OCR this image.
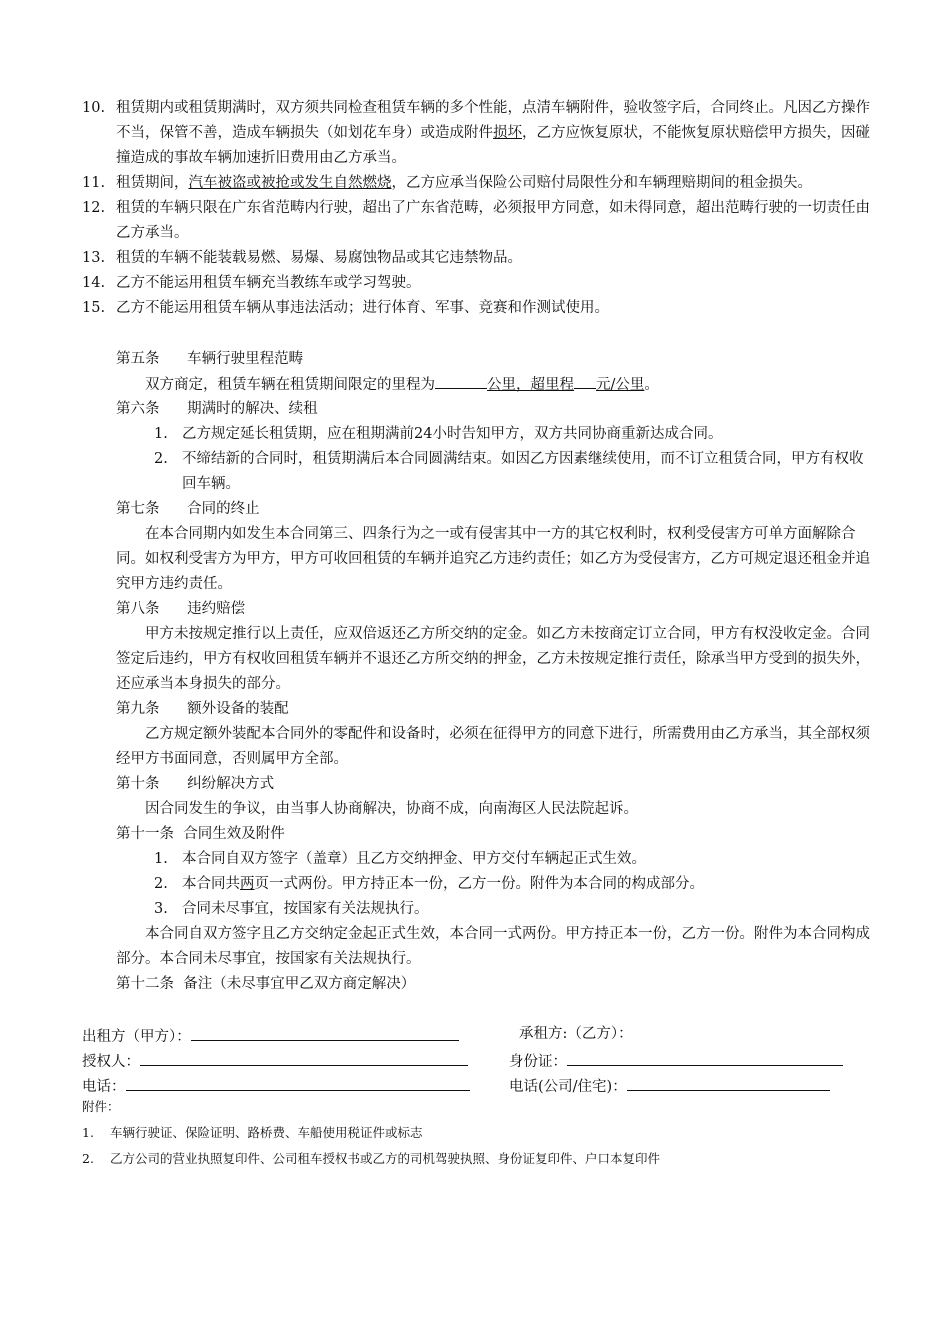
10. 租赁期内或租赁期满时，双方须共同检查租赁车辆的多个性能，点清车辆附件，验收签字后，合同终止。凡因乙方操作不当，保管不善，造成车辆损失（如划花车身）或造成附件损坏，乙方应恢复原状，不能恢复原状赔偿甲方损失，因碰撞造成的事故车辆加速折旧费用由乙方承当。
11. 租赁期间，汽车被盗或被抢或发生自然燃烧，乙方应承当保险公司赔付局限性分和车辆理赔期间的租金损失。
12. 租赁的车辆只限在广东省范畴内行驶，超出了广东省范畴，必须报甲方同意，如未得同意，超出范畴行驶的一切责任由乙方承当。
13. 租赁的车辆不能装载易燃、易爆、易腐蚀物品或其它违禁物品。
14. 乙方不能运用租赁车辆充当教练车或学习驾驶。
15. 乙方不能运用租赁车辆从事违法活动；进行体育、军事、竞赛和作测试使用。
第五条      车辆行驶里程范畴
双方商定，租赁车辆在租赁期间限定的里程为	公里，超里程 元/公里。
第六条      期满时的解决、续租
1. 乙方规定延长租赁期，应在租期满前24小时告知甲方，双方共同协商重新达成合同。
2. 不缔结新的合同时，租赁期满后本合同圆满结束。如因乙方因素继续使用，而不订立租赁合同，甲方有权收回车辆。
第七条      合同的终止
在本合同期内如发生本合同第三、四条行为之一或有侵害其中一方的其它权利时，权利受侵害方可单方面解除合同。如权利受害方为甲方，甲方可收回租赁的车辆并追究乙方违约责任；如乙方为受侵害方，乙方可规定退还租金并追究甲方违约责任。
第八条      违约赔偿
甲方未按规定推行以上责任，应双倍返还乙方所交纳的定金。如乙方未按商定订立合同，甲方有权没收定金。合同签定后违约，甲方有权收回租赁车辆并不退还乙方所交纳的押金，乙方未按规定推行责任，除承当甲方受到的损失外，还应承当本身损失的部分。
第九条      额外设备的装配
乙方规定额外装配本合同外的零配件和设备时，必须在征得甲方的同意下进行，所需费用由乙方承当，其全部权须经甲方书面同意，否则属甲方全部。
第十条      纠纷解决方式
因合同发生的争议，由当事人协商解决，协商不成，向南海区人民法院起诉。
第十一条  合同生效及附件
1. 本合同自双方签字（盖章）且乙方交纳押金、甲方交付车辆起正式生效。
2. 本合同共两页一式两份。甲方持正本一份，乙方一份。附件为本合同的构成部分。
3. 合同未尽事宜，按国家有关法规执行。
本合同自双方签字且乙方交纳定金起正式生效，本合同一式两份。甲方持正本一份，乙方一份。附件为本合同构成部分。本合同未尽事宜，按国家有关法规执行。
第十二条  备注（未尽事宜甲乙双方商定解决）
出租方（甲方）：	承租方:（乙方）：
授权人：	身份证：
电话：	电话(公司/住宅)：
附件：
1. 车辆行驶证、保险证明、路桥费、车船使用税证件或标志
2. 乙方公司的营业执照复印件、公司租车授权书或乙方的司机驾驶执照、身份证复印件、户口本复印件
